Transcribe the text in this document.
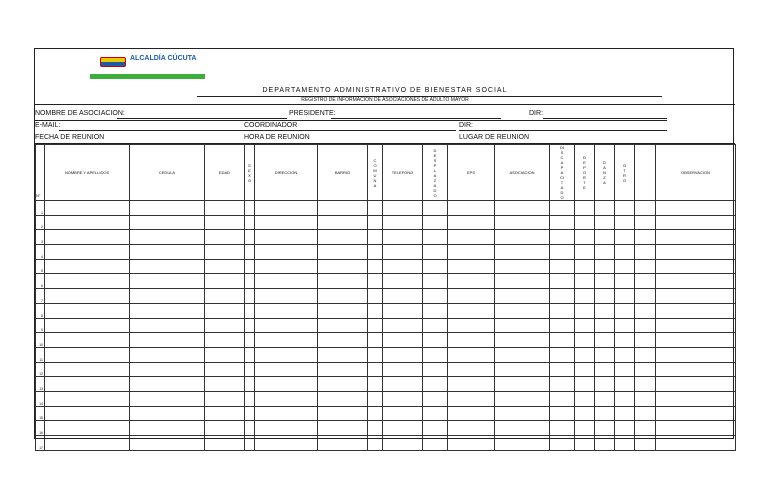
ALCALDÍA CÚCUTA
DEPARTAMENTO ADMINISTRATIVO DE BIENESTAR SOCIAL
REGISTRO DE INFORMACION DE ASOCIACIONES DE ADULTO MAYOR
NOMBRE DE ASOCIACION:	PRESIDENTE:	DIR:
E-MAIL:	COORDINADOR	DIR:
FECHA DE REUNION	HORA DE REUNION	LUGAR DE REUNION
N°	NOMBRE Y APELLIDOS	CEDULA	EDAD	SEXO	DIRECCION	BARRIO	COMUNA	TELEFONO	DESPLAZADO	EPS	ASOCIACION	DISCAPACITADO	DEPORTE	DANZA	OTRO		OBSERVACION
1																	
2																	
3																	
4																	
5																	
6																	
7																	
8																	
9																	
10																	
11																	
12																	
13																	
14																	
15																	
16																	
17																	
